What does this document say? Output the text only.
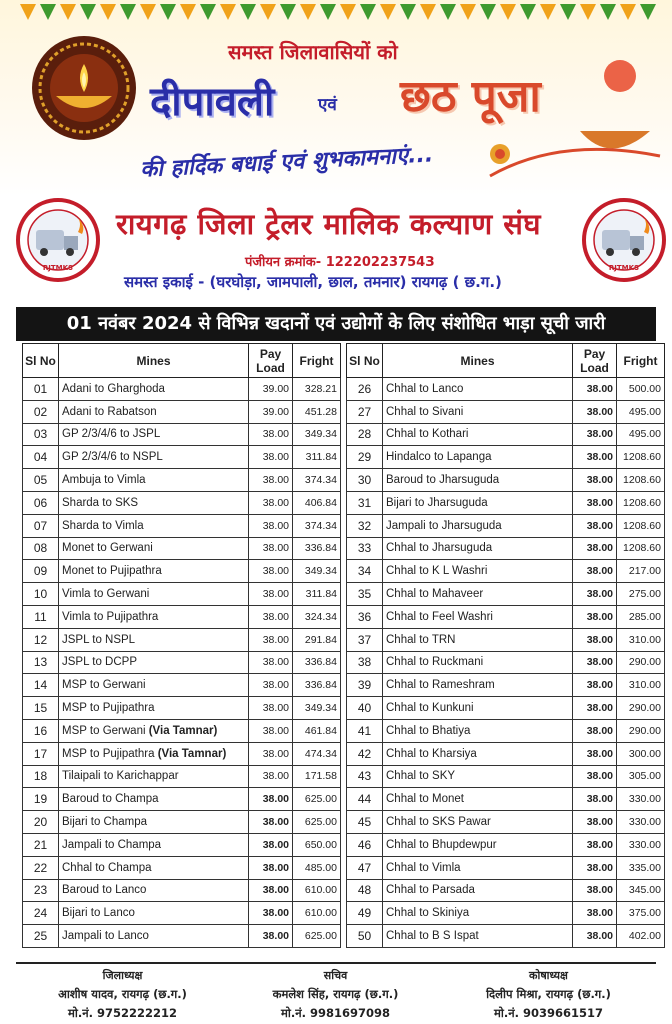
समस्त जिलावासियों को
दीपावली	एवं छठ पूजा
की हार्दिक बधाई एवं शुभकामनाएं...
RJTMKS
रायगढ़ जिला ट्रेलर मालिक कल्याण संघ
पंजीयन क्रमांक- 12220223754З
समस्त इकाई - (घरघोड़ा, जामपाली, छाल, तमनार) रायगढ़ ( छ.ग.)
RJTMKS
01 नवंबर 2024 से विभिन्न खदानों एवं उद्योगों के लिए संशोधित भाड़ा सूची जारी
Sl No	Mines	Pay
Load	Fright
01	Adani to Gharghoda	39.00	328.21
02	Adani to Rabatson	39.00	451.28
03	GP 2/3/4/6 to JSPL	38.00	349.34
04	GP 2/3/4/6 to NSPL	38.00	311.84
05	Ambuja to Vimla	38.00	374.34
06	Sharda to SKS	38.00	406.84
07	Sharda to Vimla	38.00	374.34
08	Monet to Gerwani	38.00	336.84
09	Monet to Pujipathra	38.00	349.34
10	Vimla to Gerwani	38.00	311.84
11	Vimla to Pujipathra	38.00	324.34
12	JSPL to NSPL	38.00	291.84
13	JSPL to DCPP	38.00	336.84
14	MSP to Gerwani	38.00	336.84
15	MSP to Pujipathra	38.00	349.34
16	MSP to Gerwani (Via Tamnar)	38.00	461.84
17	MSP to Pujipathra (Via Tamnar)	38.00	474.34
18	Tilaipali to Karichappar	38.00	171.58
19	Baroud to Champa	38.00	625.00
20	Bijari to Champa	38.00	625.00
21	Jampali to Champa	38.00	650.00
22	Chhal to Champa	38.00	485.00
23	Baroud to Lanco	38.00	610.00
24	Bijari to Lanco	38.00	610.00
25	Jampali to Lanco	38.00	625.00
Sl No	Mines	Pay
Load	Fright
26	Chhal to Lanco	38.00	500.00
27	Chhal to Sivani	38.00	495.00
28	Chhal to Kothari	38.00	495.00
29	Hindalco to Lapanga	38.00	1208.60
30	Baroud to Jharsuguda	38.00	1208.60
31	Bijari to Jharsuguda	38.00	1208.60
32	Jampali to Jharsuguda	38.00	1208.60
33	Chhal to Jharsuguda	38.00	1208.60
34	Chhal to K L Washri	38.00	217.00
35	Chhal to Mahaveer	38.00	275.00
36	Chhal to Feel Washri	38.00	285.00
37	Chhal to TRN	38.00	310.00
38	Chhal to Ruckmani	38.00	290.00
39	Chhal to Rameshram	38.00	310.00
40	Chhal to Kunkuni	38.00	290.00
41	Chhal to Bhatiya	38.00	290.00
42	Chhal to Kharsiya	38.00	300.00
43	Chhal to SKY	38.00	305.00
44	Chhal to Monet	38.00	330.00
45	Chhal to SKS Pawar	38.00	330.00
46	Chhal to Bhupdewpur	38.00	330.00
47	Chhal to Vimla	38.00	335.00
48	Chhal to Parsada	38.00	345.00
49	Chhal to Skiniya	38.00	375.00
50	Chhal to B S Ispat	38.00	402.00
जिलाध्यक्ष
आशीष यादव, रायगढ़ (छ.ग.)
मो.नं. 9752222212
सचिव
कमलेश सिंह, रायगढ़ (छ.ग.)
मो.नं. 9981697098
कोषाध्यक्ष
दिलीप मिश्रा, रायगढ़ (छ.ग.)
मो.नं. 9039661517
